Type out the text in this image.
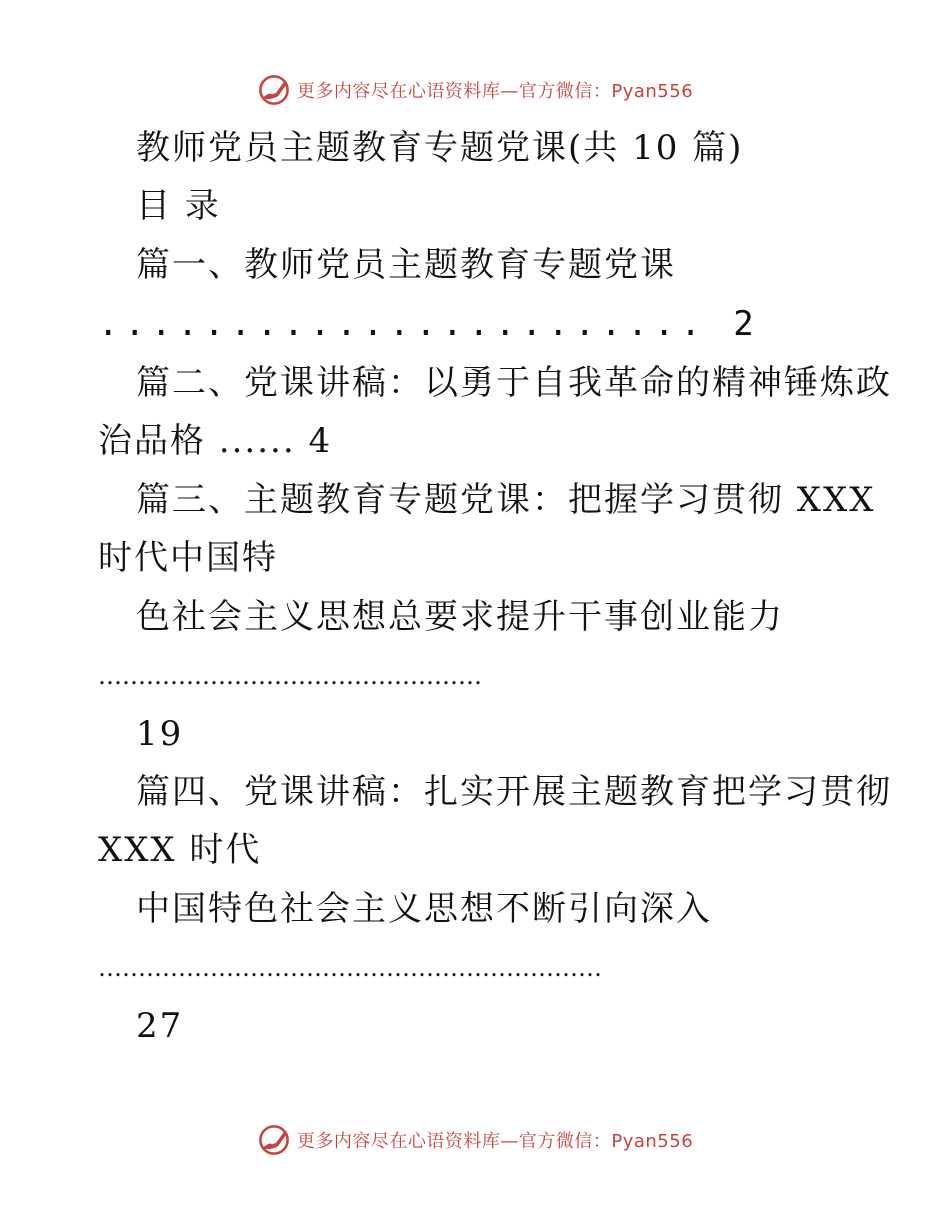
更多内容尽在心语资料库—官方微信：Pyan556
教师党员主题教育专题党课(共 10 篇)
目 录
篇一、教师党员主题教育专题党课
....................... 2
篇二、党课讲稿：以勇于自我革命的精神锤炼政
治品格 ...... 4
篇三、主题教育专题党课：把握学习贯彻 XXX
时代中国特
色社会主义思想总要求提升干事创业能力
…………………………………………
19
篇四、党课讲稿：扎实开展主题教育把学习贯彻
XXX 时代
中国特色社会主义思想不断引向深入
………………………………………………………
27
更多内容尽在心语资料库—官方微信：Pyan556
